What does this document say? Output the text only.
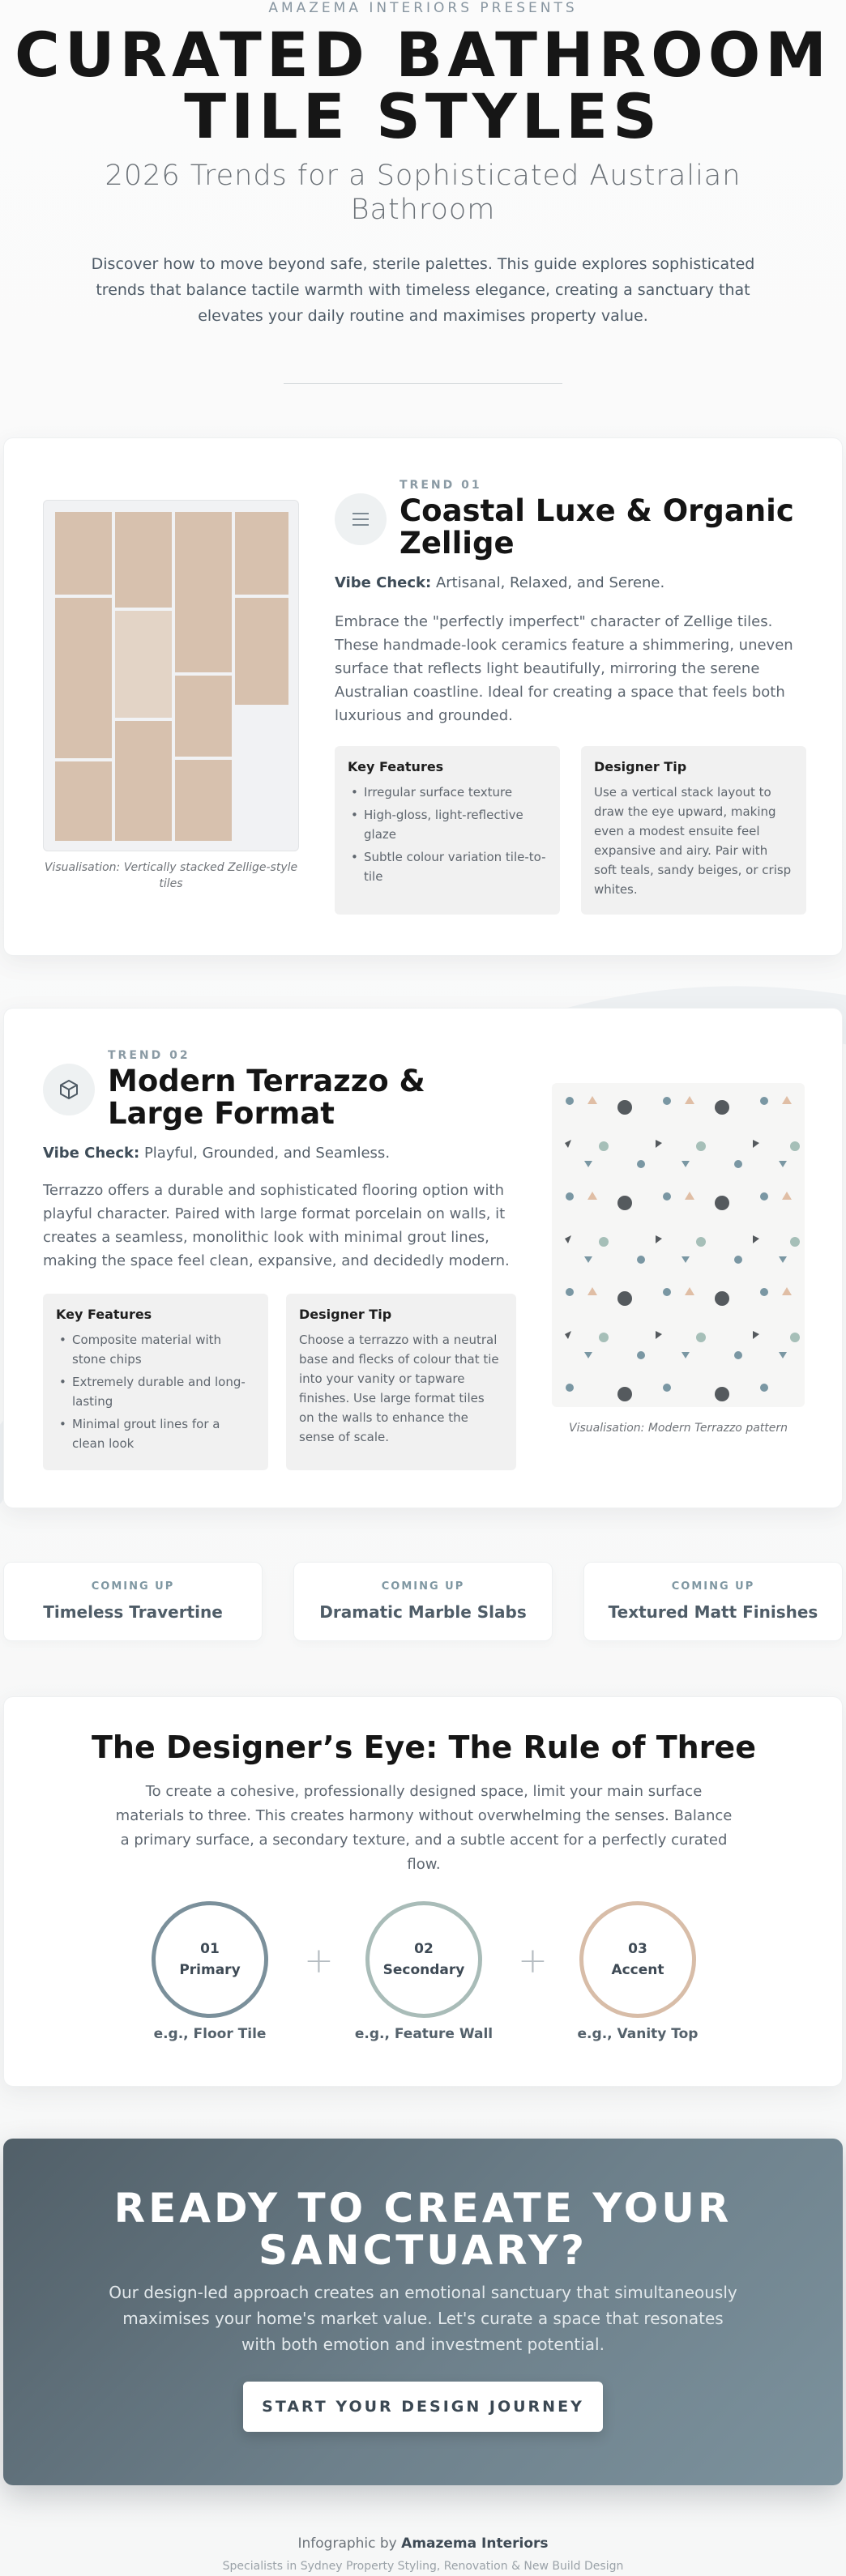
AMAZEMA INTERIORS PRESENTS
CURATED BATHROOM
TILE STYLES
2026 Trends for a Sophisticated Australian Bathroom
Discover how to move beyond safe, sterile palettes. This guide explores sophisticated trends that balance tactile warmth with timeless elegance, creating a sanctuary that elevates your daily routine and maximises property value.
Visualisation: Vertically stacked Zellige-style tiles
TREND 01
Coastal Luxe & Organic Zellige
Vibe Check: Artisanal, Relaxed, and Serene.
Embrace the "perfectly imperfect" character of Zellige tiles. These handmade-look ceramics feature a shimmering, uneven surface that reflects light beautifully, mirroring the serene Australian coastline. Ideal for creating a space that feels both luxurious and grounded.
Key Features
• Irregular surface texture
• High-gloss, light-reflective glaze
• Subtle colour variation tile-to-tile
Designer Tip

Use a vertical stack layout to draw the eye upward, making even a modest ensuite feel expansive and airy. Pair with soft teals, sandy beiges, or crisp whites.

TREND 02
Modern Terrazzo & Large Format
Vibe Check: Playful, Grounded, and Seamless.
Terrazzo offers a durable and sophisticated flooring option with playful character. Paired with large format porcelain on walls, it creates a seamless, monolithic look with minimal grout lines, making the space feel clean, expansive, and decidedly modern.
Key Features
• Composite material with stone chips
• Extremely durable and long-lasting
• Minimal grout lines for a clean look
Designer Tip

Choose a terrazzo with a neutral base and flecks of colour that tie into your vanity or tapware finishes. Use large format tiles on the walls to enhance the sense of scale.

Visualisation: Modern Terrazzo pattern
COMING UP
Timeless Travertine
COMING UP
Dramatic Marble Slabs
COMING UP
Textured Matt Finishes
The Designer’s Eye: The Rule of Three
To create a cohesive, professionally designed space, limit your main surface materials to three. This creates harmony without overwhelming the senses. Balance a primary surface, a secondary texture, and a subtle accent for a perfectly curated flow.
01
Primary +	02
Secondary +	03
Accent
e.g., Floor Tile	e.g., Feature Wall	e.g., Vanity Top
READY TO CREATE YOUR
SANCTUARY?
Our design-led approach creates an emotional sanctuary that simultaneously maximises your home's market value. Let's curate a space that resonates with both emotion and investment potential.
START YOUR DESIGN JOURNEY
Infographic by Amazema Interiors
Specialists in Sydney Property Styling, Renovation & New Build Design
